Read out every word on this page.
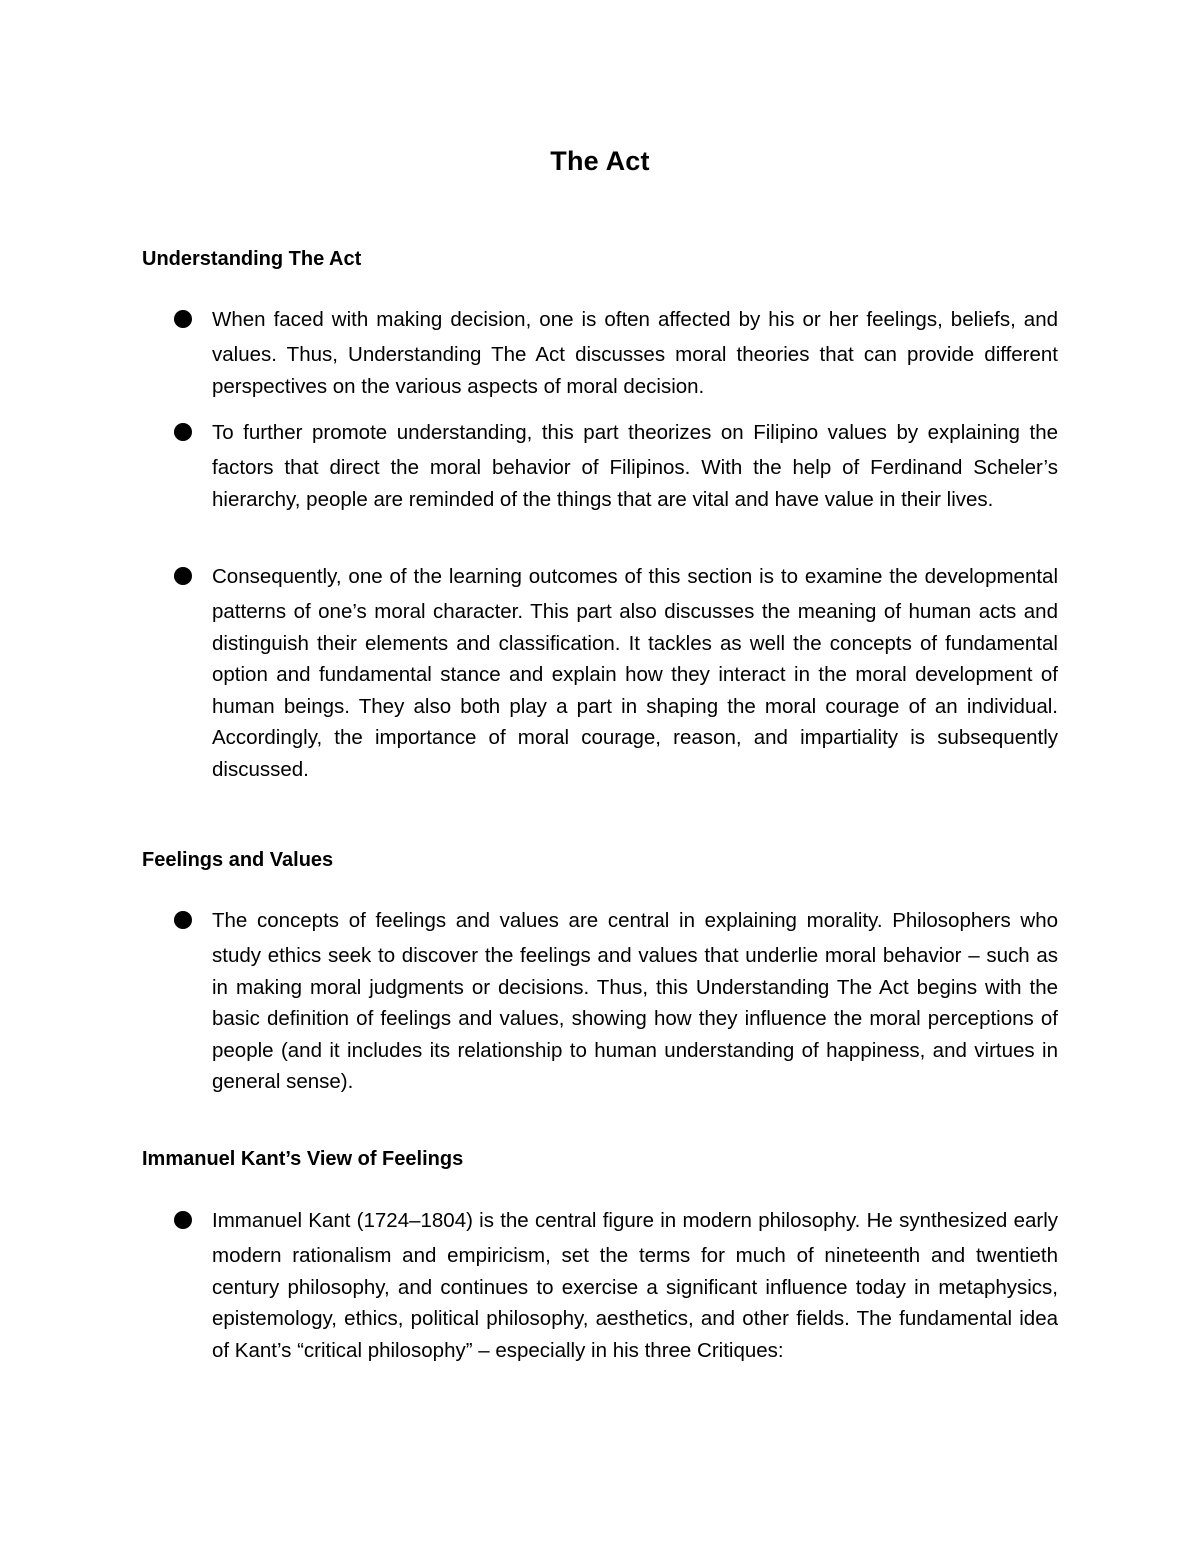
The Act
Understanding The Act
When faced with making decision, one is often affected by his or her feelings, beliefs, and values. Thus, Understanding The Act discusses moral theories that can provide different perspectives on the various aspects of moral decision.
To further promote understanding, this part theorizes on Filipino values by explaining the factors that direct the moral behavior of Filipinos. With the help of Ferdinand Scheler’s hierarchy, people are reminded of the things that are vital and have value in their lives.
Consequently, one of the learning outcomes of this section is to examine the developmental patterns of one’s moral character. This part also discusses the meaning of human acts and distinguish their elements and classification. It tackles as well the concepts of fundamental option and fundamental stance and explain how they interact in the moral development of human beings. They also both play a part in shaping the moral courage of an individual. Accordingly, the importance of moral courage, reason, and impartiality is subsequently discussed.
Feelings and Values
The concepts of feelings and values are central in explaining morality. Philosophers who study ethics seek to discover the feelings and values that underlie moral behavior – such as in making moral judgments or decisions. Thus, this Understanding The Act begins with the basic definition of feelings and values, showing how they influence the moral perceptions of people (and it includes its relationship to human understanding of happiness, and virtues in general sense).
Immanuel Kant’s View of Feelings
Immanuel Kant (1724–1804) is the central figure in modern philosophy. He synthesized early modern rationalism and empiricism, set the terms for much of nineteenth and twentieth century philosophy, and continues to exercise a significant influence today in metaphysics, epistemology, ethics, political philosophy, aesthetics, and other fields. The fundamental idea of Kant’s “critical philosophy” – especially in his three Critiques:
